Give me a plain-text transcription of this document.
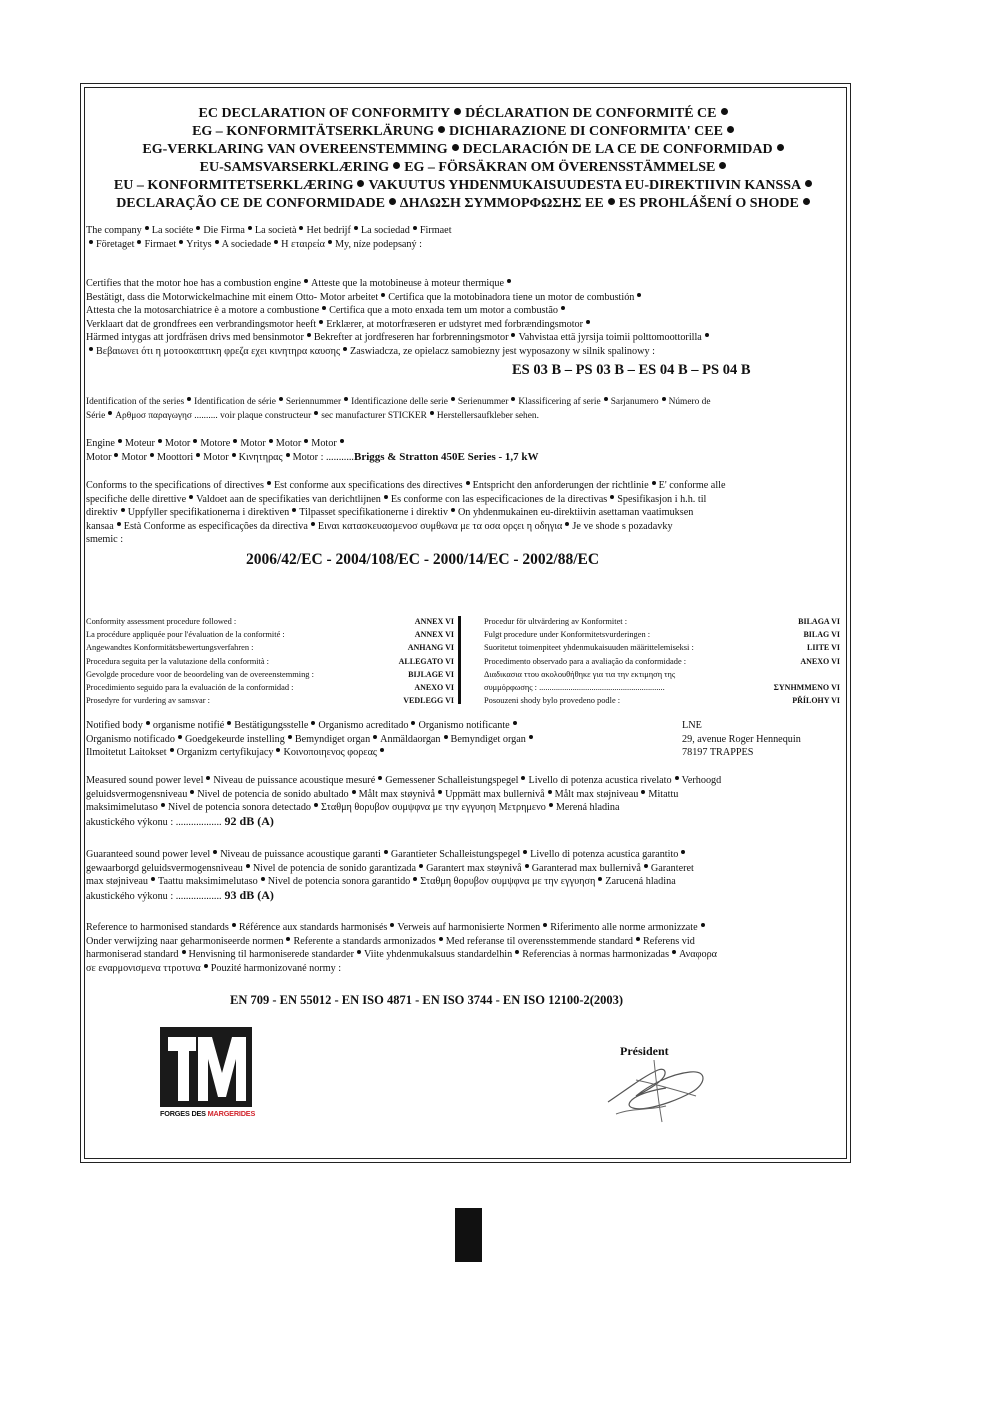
EC DECLARATION OF CONFORMITY DÉCLARATION DE CONFORMITÉ CE
EG – KONFORMITÄTSERKLÄRUNG DICHIARAZIONE DI CONFORMITA' CEE
EG-VERKLARING VAN OVEREENSTEMMING DECLARACIÓN DE LA CE DE CONFORMIDAD
EU-SAMSVARSERKLÆRING EG – FÖRSÄKRAN OM ÖVERENSSTÄMMELSE
EU – KONFORMITETSERKLÆRING VAKUUTUS YHDENMUKAISUUDESTA EU-DIREKTIIVIN KANSSA
DECLARAÇÃO CE DE CONFORMIDADE ΔΗΛΩΣΗ ΣΥΜΜΟΡΦΩΣΗΣ ΕΕ ES PROHLÁŠENÍ O SHODE
The company La sociéte Die Firma La società Het bedrijf La sociedad Firmaet
Företaget Firmaet Yritys A sociedade Η εταιρεία My, níze podepsaný :
Certifies that the motor hoe has a combustion engine Atteste que la motobineuse à moteur thermique
Bestätigt, dass die Motorwickelmachine mit einem Otto- Motor arbeitet Certifica que la motobinadora tiene un motor de combustión
Attesta che la motosarchiatrice è a motore a combustione Certifica que a moto enxada tem um motor a combustão
Verklaart dat de grondfrees een verbrandingsmotor heeft Erklærer, at motorfræseren er udstyret med forbrændingsmotor
Härmed intygas att jordfräsen drivs med bensinmotor Bekrefter at jordfreseren har forbrenningsmotor Vahvistaa että jyrsija toimii polttomoottorilla
Βεβαιωνει ότι η μοτοσκαπτικη φρεζα εχει κινητηρα καυσης Zaswiadcza, ze opielacz samobiezny jest wyposazony w silnik spalinowy :
ES 03 B – PS 03 B – ES 04 B – PS 04 B
Identification of the series Identification de série Seriennummer Identificazione delle serie Serienummer Klassificering af serie Sarjanumero Número de
Série Αρθμοσ παραγωγησ .......... voir plaque constructeur sec manufacturer STICKER Herstellersaufkleber sehen.
Engine Moteur Motor Motore Motor Motor Motor
Motor Motor Moottori Motor Κινητηρας Motor : ...........Briggs & Stratton 450E Series - 1,7 kW
Conforms to the specifications of directives Est conforme aux specifications des directives Entspricht den anforderungen der richtlinie E' conforme alle
specifiche delle direttive Valdoet aan de specifikaties van derichtlijnen Es conforme con las especificaciones de la directivas Spesifikasjon i h.h. til
direktiv Uppfyller specifikationerna i direktiven Tilpasset specifikationerne i direktiv On yhdenmukainen eu-direktiivin asettaman vaatimuksen
kansaa Està Conforme as especificações da directiva Ειναι κατασκευασμενοσ συμθωνα με τα οσα ορςει η οδηγια Je ve shode s pozadavky
smemic :
2006/42/EC - 2004/108/EC - 2000/14/EC - 2002/88/EC
Conformity assessment procedure followed :	ANNEX VI
La procédure appliquée pour l'évaluation de la conformité :	ANNEX VI
Angewandtes Konformitätsbewertungsverfahren :	ANHANG VI
Procedura seguita per la valutazione della conformità :	ALLEGATO VI
Gevolgde procedure voor de beoordeling van de overeenstemming :	BIJLAGE VI
Procedimiento seguido para la evaluación de la conformidad :	ANEXO VI
Prosedyre for vurdering av samsvar :	VEDLEGG VI
Procedur för ultvärdering av Konformitet :	BILAGA VI
Fulgt procedure under Konformitetsvurderingen :	BILAG VI
Suoritetut toimenpiteet yhdenmukaisuuden määrittelemiseksi :	LIITE VI
Procedimento observado para a avaliação da conformidade :	ANEXO VI
Διαδικασια ττου ακολουθήθηκε για τια την εκτιμηση της
συμμόρφωσης : ............................................................	ΣΥΝΗΜΜΕΝΟ VI
Posouzeni shody bylo provedeno podle :	PŘÍLOHY VI
Notified body organisme notifié Bestätigungsstelle Organismo acreditado Organismo notificante
Organismo notificado Goedgekeurde instelling Bemyndiget organ Anmäldaorgan Bemyndiget organ
Ilmoitetut Laitokset Organizm certyfikujacy Κοινοποιηενος φορεας
LNE
29, avenue Roger Hennequin
78197 TRAPPES
Measured sound power level Niveau de puissance acoustique mesuré Gemessener Schalleistungspegel Livello di potenza acustica rivelato Verhoogd
geluidsvermogensniveau Nivel de potencia de sonido abultado Målt max støynivå Uppmätt max bullernivå Målt max støjniveau Mitattu
maksimimelutaso Nivel de potencia sonora detectado Σταθμη θορυβον συμψφνα με την εγγυηση Μετρημενο Merená hladina
akustického výkonu : .................. 92 dB (A)
Guaranteed sound power level Niveau de puissance acoustique garanti Garantieter Schalleistungspegel Livello di potenza acustica garantito
gewaarborgd geluidsvermogensniveau Nivel de potencia de sonido garantizada Garantert max støynivå Garanterad max bullernivå Garanteret
max støjniveau Taattu maksimimelutaso Nivel de potencia sonora garantido Σταθμη θορυβον συμψφνα με την εγγυηση Zarucená hladina
akustického výkonu : .................. 93 dB (A)
Reference to harmonised standards Référence aux standards harmonisés Verweis auf harmonisierte Normen Riferimento alle norme armonizzate
Onder verwijzing naar geharmoniseerde normen Referente a standards armonizados Med referanse til overensstemmende standard Referens vid
harmoniserad standard Henvisning til harmoniserede standarder Viite yhdenmukalsuus standardelhin Referencias à normas harmonizadas Αναφορα
σε εναρμονισμενα ττροτυνα Pouzité harmonizované normy :
EN 709 - EN 55012 - EN ISO 4871 - EN ISO 3744 - EN ISO 12100-2(2003)
FORGES DES MARGERIDES
Président
